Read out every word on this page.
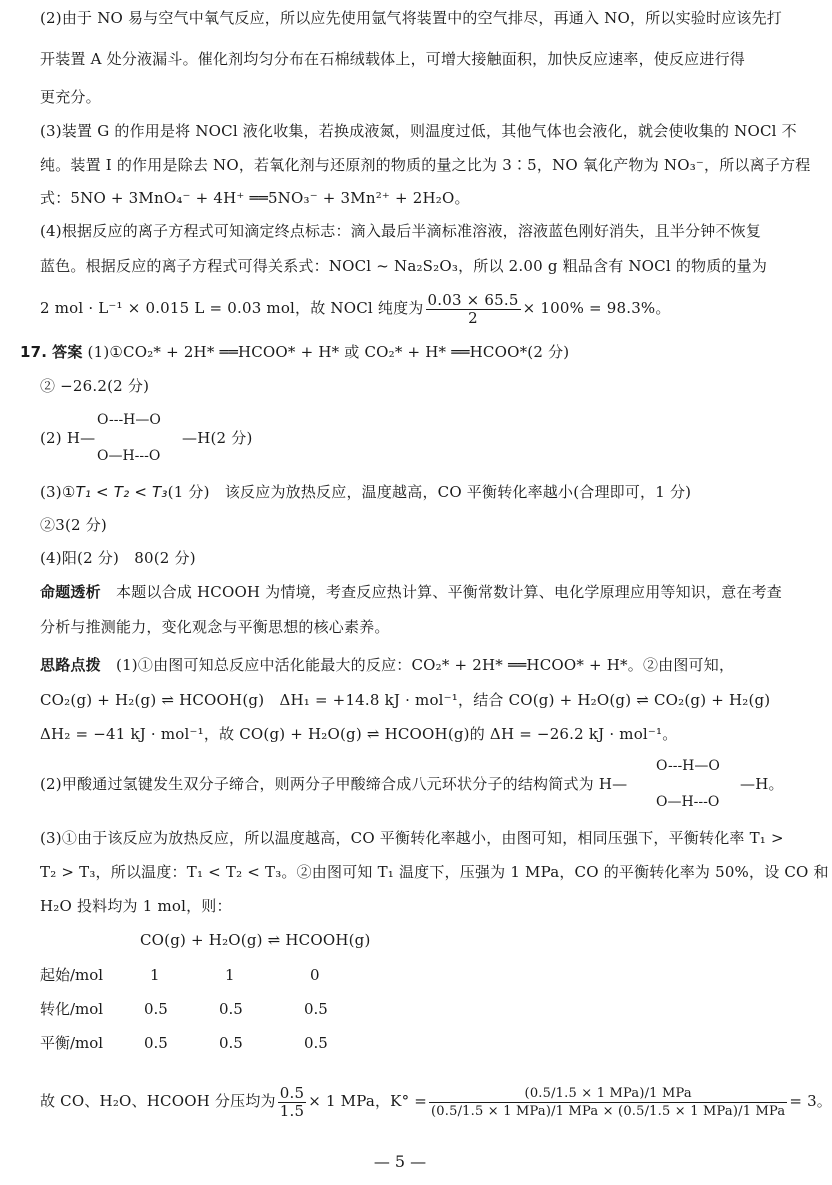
(2)由于 NO 易与空气中氧气反应，所以应先使用氩气将装置中的空气排尽，再通入 NO，所以实验时应该先打
开装置 A 处分液漏斗。催化剂均匀分布在石棉绒载体上，可增大接触面积，加快反应速率，使反应进行得
更充分。
(3)装置 G 的作用是将 NOCl 液化收集，若换成液氮，则温度过低，其他气体也会液化，就会使收集的 NOCl 不
纯。装置 I 的作用是除去 NO，若氧化剂与还原剂的物质的量之比为 3∶5，NO 氧化产物为 NO₃⁻，所以离子方程
式：5NO + 3MnO₄⁻ + 4H⁺ ══5NO₃⁻ + 3Mn²⁺ + 2H₂O。
(4)根据反应的离子方程式可知滴定终点标志：滴入最后半滴标准溶液，溶液蓝色刚好消失，且半分钟不恢复
蓝色。根据反应的离子方程式可得关系式：NOCl ~ Na₂S₂O₃，所以 2.00 g 粗品含有 NOCl 的物质的量为
2 mol · L⁻¹ × 0.015 L = 0.03 mol，故 NOCl 纯度为 $\frac{0.03 \times 65.5}{2} \times 100\% = 98.3\%$。
17. 答案 (1)①CO₂* + 2H* ══HCOO* + H* 或 CO₂* + H* ══HCOO*(2 分)
② −26.2(2 分)
(2) H—
O---H—O
O—H---O
—H(2 分)
(3)①T₁ < T₂ < T₃(1 分)　该反应为放热反应，温度越高，CO 平衡转化率越小(合理即可，1 分)
②3(2 分)
(4)阳(2 分)　80(2 分)
命题透析　 本题以合成 HCOOH 为情境，考查反应热计算、平衡常数计算、电化学原理应用等知识，意在考查
分析与推测能力，变化观念与平衡思想的核心素养。
思路点拨　 (1)①由图可知总反应中活化能最大的反应：CO₂* + 2H* ══HCOO* + H*。②由图可知，
CO₂(g) + H₂(g) ⇌ HCOOH(g)　ΔH₁ = +14.8 kJ · mol⁻¹，结合 CO(g) + H₂O(g) ⇌ CO₂(g) + H₂(g)
ΔH₂ = −41 kJ · mol⁻¹，故 CO(g) + H₂O(g) ⇌ HCOOH(g)的 ΔH = −26.2 kJ · mol⁻¹。
(2)甲酸通过氢键发生双分子缔合，则两分子甲酸缔合成八元环状分子的结构简式为 H—
O---H—O
O—H---O
—H。
(3)①由于该反应为放热反应，所以温度越高，CO 平衡转化率越小，由图可知，相同压强下，平衡转化率 T₁ >
T₂ > T₃，所以温度：T₁ < T₂ < T₃。②由图可知 T₁ 温度下，压强为 1 MPa，CO 的平衡转化率为 50%，设 CO 和
H₂O 投料均为 1 mol，则：
CO(g) + H₂O(g) ⇌ HCOOH(g)
起始/mol	1	1	0
转化/mol	0.5	0.5	0.5
平衡/mol	0.5	0.5	0.5
故 CO、H₂O、HCOOH 分压均为 $\frac{0.5}{1.5} \times 1$ MPa，$K^\circ = \frac{\text{(0.5/1.5 × 1 MPa)/1 MPa}}{\text{(0.5/1.5 × 1 MPa)/1 MPa × (0.5/1.5 × 1 MPa)/1 MPa}} = 3$。
— 5 —
